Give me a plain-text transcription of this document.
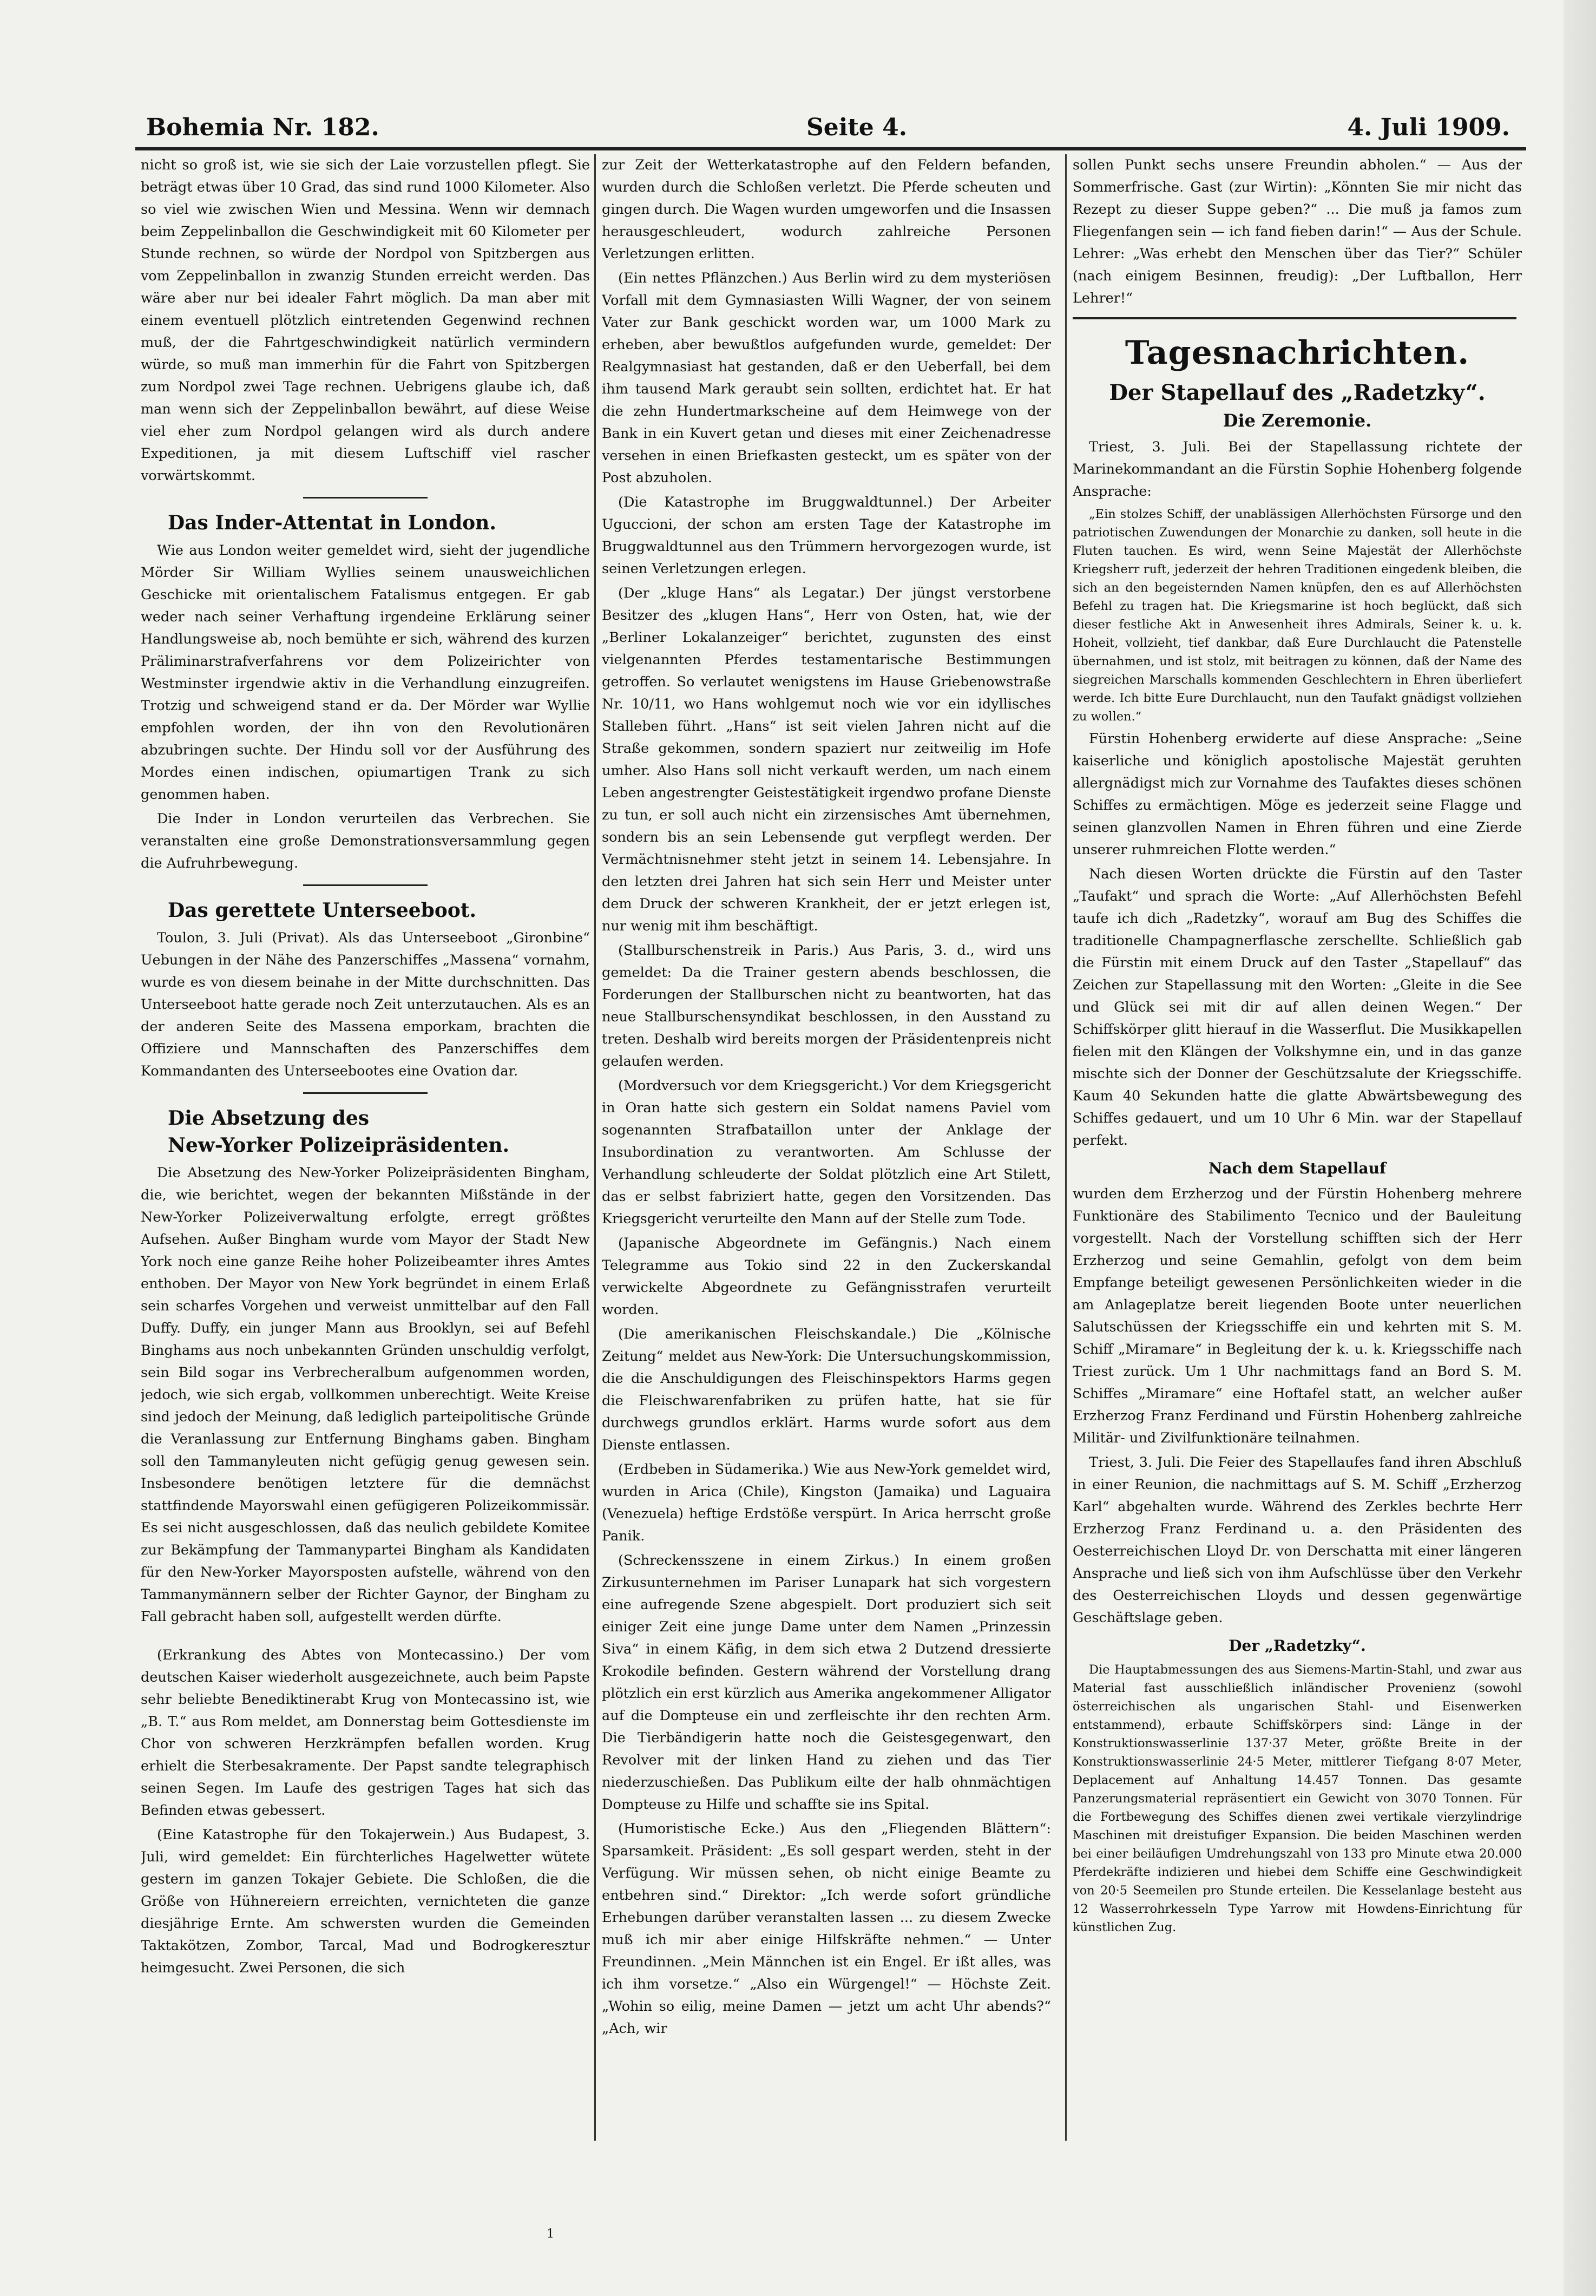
Bohemia Nr. 182.	Seite 4.	4. Juli 1909.

nicht so groß ist, wie sie sich der Laie vorzustellen pflegt. Sie beträgt etwas über 10 Grad, das sind rund 1000 Kilometer. Also so viel wie zwischen Wien und Messina. Wenn wir demnach beim Zeppelinballon die Geschwindigkeit mit 60 Kilometer per Stunde rechnen, so würde der Nordpol von Spitzbergen aus vom Zeppelinballon in zwanzig Stunden erreicht werden. Das wäre aber nur bei idealer Fahrt möglich. Da man aber mit einem eventuell plötzlich eintretenden Gegenwind rechnen muß, der die Fahrtgeschwindigkeit natürlich vermindern würde, so muß man immerhin für die Fahrt von Spitzbergen zum Nordpol zwei Tage rechnen. Uebrigens glaube ich, daß man wenn sich der Zeppelinballon bewährt, auf diese Weise viel eher zum Nordpol gelangen wird als durch andere Expeditionen, ja mit diesem Luftschiff viel rascher vorwärtskommt.

Das Inder-Attentat in London.

Wie aus London weiter gemeldet wird, sieht der jugendliche Mörder Sir William Wyllies seinem unausweichlichen Geschicke mit orientalischem Fatalismus entgegen. Er gab weder nach seiner Verhaftung irgendeine Erklärung seiner Handlungsweise ab, noch bemühte er sich, während des kurzen Präliminarstrafverfahrens vor dem Polizeirichter von Westminster irgendwie aktiv in die Verhandlung einzugreifen. Trotzig und schweigend stand er da. Der Mörder war Wyllie empfohlen worden, der ihn von den Revolutionären abzubringen suchte. Der Hindu soll vor der Ausführung des Mordes einen indischen, opiumartigen Trank zu sich genommen haben.

Die Inder in London verurteilen das Verbrechen. Sie veranstalten eine große Demonstrationsversammlung gegen die Aufruhrbewegung.

Das gerettete Unterseeboot.

Toulon, 3. Juli (Privat). Als das Unterseeboot „Gironbine“ Uebungen in der Nähe des Panzerschiffes „Massena“ vornahm, wurde es von diesem beinahe in der Mitte durchschnitten. Das Unterseeboot hatte gerade noch Zeit unterzutauchen. Als es an der anderen Seite des Massena emporkam, brachten die Offiziere und Mannschaften des Panzerschiffes dem Kommandanten des Unterseebootes eine Ovation dar.

Die Absetzung des
New-Yorker Polizeipräsidenten.

Die Absetzung des New-Yorker Polizeipräsidenten Bingham, die, wie berichtet, wegen der bekannten Mißstände in der New-Yorker Polizeiverwaltung erfolgte, erregt größtes Aufsehen. Außer Bingham wurde vom Mayor der Stadt New York noch eine ganze Reihe hoher Polizeibeamter ihres Amtes enthoben. Der Mayor von New York begründet in einem Erlaß sein scharfes Vorgehen und verweist unmittelbar auf den Fall Duffy. Duffy, ein junger Mann aus Brooklyn, sei auf Befehl Binghams aus noch unbekannten Gründen unschuldig verfolgt, sein Bild sogar ins Verbrecheralbum aufgenommen worden, jedoch, wie sich ergab, vollkommen unberechtigt. Weite Kreise sind jedoch der Meinung, daß lediglich parteipolitische Gründe die Veranlassung zur Entfernung Binghams gaben. Bingham soll den Tammanyleuten nicht gefügig genug gewesen sein. Insbesondere benötigen letztere für die demnächst stattfindende Mayorswahl einen gefügigeren Polizeikommissär. Es sei nicht ausgeschlossen, daß das neulich gebildete Komitee zur Bekämpfung der Tammanypartei Bingham als Kandidaten für den New-Yorker Mayorsposten aufstelle, während von den Tammanymännern selber der Richter Gaynor, der Bingham zu Fall gebracht haben soll, aufgestellt werden dürfte.

(Erkrankung des Abtes von Montecassino.) Der vom deutschen Kaiser wiederholt ausgezeichnete, auch beim Papste sehr beliebte Benediktinerabt Krug von Montecassino ist, wie „B. T.“ aus Rom meldet, am Donnerstag beim Gottesdienste im Chor von schweren Herzkrämpfen befallen worden. Krug erhielt die Sterbesakramente. Der Papst sandte telegraphisch seinen Segen. Im Laufe des gestrigen Tages hat sich das Befinden etwas gebessert.

(Eine Katastrophe für den Tokajerwein.) Aus Budapest, 3. Juli, wird gemeldet: Ein fürchterliches Hagelwetter wütete gestern im ganzen Tokajer Gebiete. Die Schloßen, die die Größe von Hühnereiern erreichten, vernichteten die ganze diesjährige Ernte. Am schwersten wurden die Gemeinden Taktakötzen, Zombor, Tarcal, Mad und Bodrogkeresztur heimgesucht. Zwei Personen, die sich

zur Zeit der Wetterkatastrophe auf den Feldern befanden, wurden durch die Schloßen verletzt. Die Pferde scheuten und gingen durch. Die Wagen wurden umgeworfen und die Insassen herausgeschleudert, wodurch zahlreiche Personen Verletzungen erlitten.

(Ein nettes Pflänzchen.) Aus Berlin wird zu dem mysteriösen Vorfall mit dem Gymnasiasten Willi Wagner, der von seinem Vater zur Bank geschickt worden war, um 1000 Mark zu erheben, aber bewußtlos aufgefunden wurde, gemeldet: Der Realgymnasiast hat gestanden, daß er den Ueberfall, bei dem ihm tausend Mark geraubt sein sollten, erdichtet hat. Er hat die zehn Hundertmarkscheine auf dem Heimwege von der Bank in ein Kuvert getan und dieses mit einer Zeichenadresse versehen in einen Briefkasten gesteckt, um es später von der Post abzuholen.

(Die Katastrophe im Bruggwaldtunnel.) Der Arbeiter Uguccioni, der schon am ersten Tage der Katastrophe im Bruggwaldtunnel aus den Trümmern hervorgezogen wurde, ist seinen Verletzungen erlegen.

(Der „kluge Hans“ als Legatar.) Der jüngst verstorbene Besitzer des „klugen Hans“, Herr von Osten, hat, wie der „Berliner Lokalanzeiger“ berichtet, zugunsten des einst vielgenannten Pferdes testamentarische Bestimmungen getroffen. So verlautet wenigstens im Hause Griebenowstraße Nr. 10/11, wo Hans wohlgemut noch wie vor ein idyllisches Stalleben führt. „Hans“ ist seit vielen Jahren nicht auf die Straße gekommen, sondern spaziert nur zeitweilig im Hofe umher. Also Hans soll nicht verkauft werden, um nach einem Leben angestrengter Geistestätigkeit irgendwo profane Dienste zu tun, er soll auch nicht ein zirzensisches Amt übernehmen, sondern bis an sein Lebensende gut verpflegt werden. Der Vermächtnisnehmer steht jetzt in seinem 14. Lebensjahre. In den letzten drei Jahren hat sich sein Herr und Meister unter dem Druck der schweren Krankheit, der er jetzt erlegen ist, nur wenig mit ihm beschäftigt.

(Stallburschenstreik in Paris.) Aus Paris, 3. d., wird uns gemeldet: Da die Trainer gestern abends beschlossen, die Forderungen der Stallburschen nicht zu beantworten, hat das neue Stallburschensyndikat beschlossen, in den Ausstand zu treten. Deshalb wird bereits morgen der Präsidentenpreis nicht gelaufen werden.

(Mordversuch vor dem Kriegsgericht.) Vor dem Kriegsgericht in Oran hatte sich gestern ein Soldat namens Paviel vom sogenannten Strafbataillon unter der Anklage der Insubordination zu verantworten. Am Schlusse der Verhandlung schleuderte der Soldat plötzlich eine Art Stilett, das er selbst fabriziert hatte, gegen den Vorsitzenden. Das Kriegsgericht verurteilte den Mann auf der Stelle zum Tode.

(Japanische Abgeordnete im Gefängnis.) Nach einem Telegramme aus Tokio sind 22 in den Zuckerskandal verwickelte Abgeordnete zu Gefängnisstrafen verurteilt worden.

(Die amerikanischen Fleischskandale.) Die „Kölnische Zeitung“ meldet aus New-York: Die Untersuchungskommission, die die Anschuldigungen des Fleischinspektors Harms gegen die Fleischwarenfabriken zu prüfen hatte, hat sie für durchwegs grundlos erklärt. Harms wurde sofort aus dem Dienste entlassen.

(Erdbeben in Südamerika.) Wie aus New-York gemeldet wird, wurden in Arica (Chile), Kingston (Jamaika) und Laguaira (Venezuela) heftige Erdstöße verspürt. In Arica herrscht große Panik.

(Schreckensszene in einem Zirkus.) In einem großen Zirkusunternehmen im Pariser Lunapark hat sich vorgestern eine aufregende Szene abgespielt. Dort produziert sich seit einiger Zeit eine junge Dame unter dem Namen „Prinzessin Siva“ in einem Käfig, in dem sich etwa 2 Dutzend dressierte Krokodile befinden. Gestern während der Vorstellung drang plötzlich ein erst kürzlich aus Amerika angekommener Alligator auf die Dompteuse ein und zerfleischte ihr den rechten Arm. Die Tierbändigerin hatte noch die Geistesgegenwart, den Revolver mit der linken Hand zu ziehen und das Tier niederzuschießen. Das Publikum eilte der halb ohnmächtigen Dompteuse zu Hilfe und schaffte sie ins Spital.

(Humoristische Ecke.) Aus den „Fliegenden Blättern“: Sparsamkeit. Präsident: „Es soll gespart werden, steht in der Verfügung. Wir müssen sehen, ob nicht einige Beamte zu entbehren sind.“ Direktor: „Ich werde sofort gründliche Erhebungen darüber veranstalten lassen ... zu diesem Zwecke muß ich mir aber einige Hilfskräfte nehmen.“ — Unter Freundinnen. „Mein Männchen ist ein Engel. Er ißt alles, was ich ihm vorsetze.“ „Also ein Würgengel!“ — Höchste Zeit. „Wohin so eilig, meine Damen — jetzt um acht Uhr abends?“ „Ach, wir

sollen Punkt sechs unsere Freundin abholen.“ — Aus der Sommerfrische. Gast (zur Wirtin): „Könnten Sie mir nicht das Rezept zu dieser Suppe geben?“ ... Die muß ja famos zum Fliegenfangen sein — ich fand fieben darin!“ — Aus der Schule. Lehrer: „Was erhebt den Menschen über das Tier?“ Schüler (nach einigem Besinnen, freudig): „Der Luftballon, Herr Lehrer!“

Tagesnachrichten.
Der Stapellauf des „Radetzky“.
Die Zeremonie.

Triest, 3. Juli. Bei der Stapellassung richtete der Marinekommandant an die Fürstin Sophie Hohenberg folgende Ansprache:

„Ein stolzes Schiff, der unablässigen Allerhöchsten Fürsorge und den patriotischen Zuwendungen der Monarchie zu danken, soll heute in die Fluten tauchen. Es wird, wenn Seine Majestät der Allerhöchste Kriegsherr ruft, jederzeit der hehren Traditionen eingedenk bleiben, die sich an den begeisternden Namen knüpfen, den es auf Allerhöchsten Befehl zu tragen hat. Die Kriegsmarine ist hoch beglückt, daß sich dieser festliche Akt in Anwesenheit ihres Admirals, Seiner k. u. k. Hoheit, vollzieht, tief dankbar, daß Eure Durchlaucht die Patenstelle übernahmen, und ist stolz, mit beitragen zu können, daß der Name des siegreichen Marschalls kommenden Geschlechtern in Ehren überliefert werde. Ich bitte Eure Durchlaucht, nun den Taufakt gnädigst vollziehen zu wollen.“

Fürstin Hohenberg erwiderte auf diese Ansprache: „Seine kaiserliche und königlich apostolische Majestät geruhten allergnädigst mich zur Vornahme des Taufaktes dieses schönen Schiffes zu ermächtigen. Möge es jederzeit seine Flagge und seinen glanzvollen Namen in Ehren führen und eine Zierde unserer ruhmreichen Flotte werden.“

Nach diesen Worten drückte die Fürstin auf den Taster „Taufakt“ und sprach die Worte: „Auf Allerhöchsten Befehl taufe ich dich „Radetzky“, worauf am Bug des Schiffes die traditionelle Champagnerflasche zerschellte. Schließlich gab die Fürstin mit einem Druck auf den Taster „Stapellauf“ das Zeichen zur Stapellassung mit den Worten: „Gleite in die See und Glück sei mit dir auf allen deinen Wegen.“ Der Schiffskörper glitt hierauf in die Wasserflut. Die Musikkapellen fielen mit den Klängen der Volkshymne ein, und in das ganze mischte sich der Donner der Geschützsalute der Kriegsschiffe. Kaum 40 Sekunden hatte die glatte Abwärtsbewegung des Schiffes gedauert, und um 10 Uhr 6 Min. war der Stapellauf perfekt.

Nach dem Stapellauf

wurden dem Erzherzog und der Fürstin Hohenberg mehrere Funktionäre des Stabilimento Tecnico und der Bauleitung vorgestellt. Nach der Vorstellung schifften sich der Herr Erzherzog und seine Gemahlin, gefolgt von dem beim Empfange beteiligt gewesenen Persönlichkeiten wieder in die am Anlageplatze bereit liegenden Boote unter neuerlichen Salutschüssen der Kriegsschiffe ein und kehrten mit S. M. Schiff „Miramare“ in Begleitung der k. u. k. Kriegsschiffe nach Triest zurück. Um 1 Uhr nachmittags fand an Bord S. M. Schiffes „Miramare“ eine Hoftafel statt, an welcher außer Erzherzog Franz Ferdinand und Fürstin Hohenberg zahlreiche Militär- und Zivilfunktionäre teilnahmen.

Triest, 3. Juli. Die Feier des Stapellaufes fand ihren Abschluß in einer Reunion, die nachmittags auf S. M. Schiff „Erzherzog Karl“ abgehalten wurde. Während des Zerkles bechrte Herr Erzherzog Franz Ferdinand u. a. den Präsidenten des Oesterreichischen Lloyd Dr. von Derschatta mit einer längeren Ansprache und ließ sich von ihm Aufschlüsse über den Verkehr des Oesterreichischen Lloyds und dessen gegenwärtige Geschäftslage geben.

Der „Radetzky“.

Die Hauptabmessungen des aus Siemens-Martin-Stahl, und zwar aus Material fast ausschließlich inländischer Provenienz (sowohl österreichischen als ungarischen Stahl- und Eisenwerken entstammend), erbaute Schiffskörpers sind: Länge in der Konstruktionswasserlinie 137·37 Meter, größte Breite in der Konstruktionswasserlinie 24·5 Meter, mittlerer Tiefgang 8·07 Meter, Deplacement auf Anhaltung 14.457 Tonnen. Das gesamte Panzerungsmaterial repräsentiert ein Gewicht von 3070 Tonnen. Für die Fortbewegung des Schiffes dienen zwei vertikale vierzylindrige Maschinen mit dreistufiger Expansion. Die beiden Maschinen werden bei einer beiläufigen Umdrehungszahl von 133 pro Minute etwa 20.000 Pferdekräfte indizieren und hiebei dem Schiffe eine Geschwindigkeit von 20·5 Seemeilen pro Stunde erteilen. Die Kesselanlage besteht aus 12 Wasserrohrkesseln Type Yarrow mit Howdens-Einrichtung für künstlichen Zug.

1
